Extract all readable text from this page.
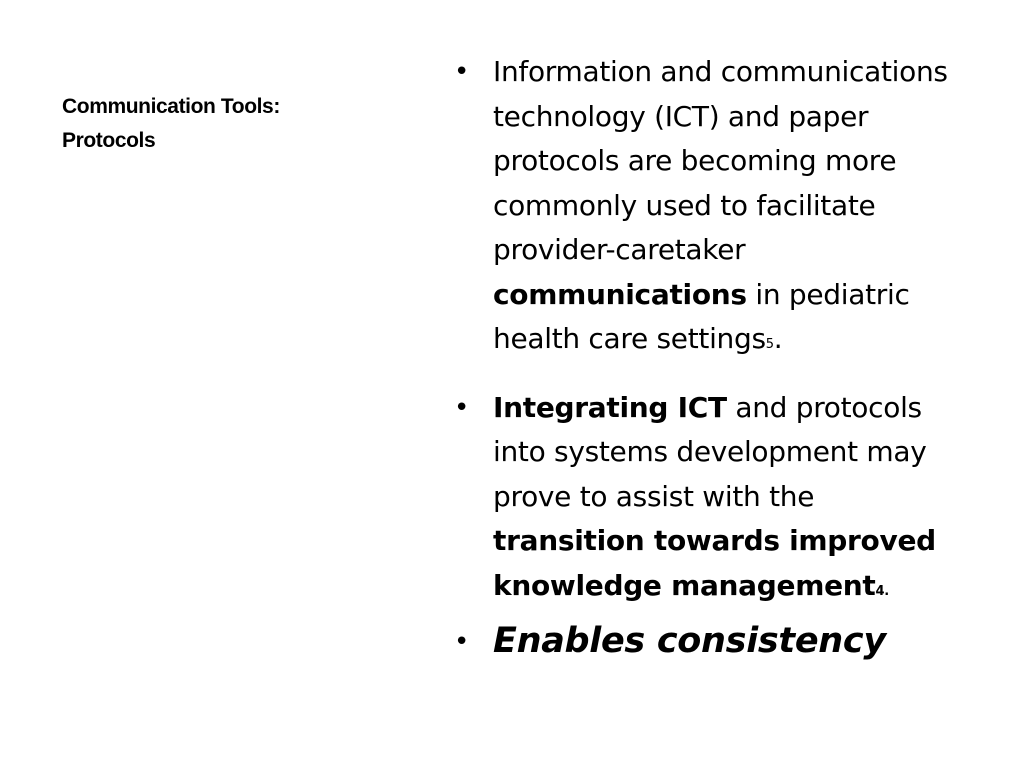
Communication Tools:
Protocols
• Information and communications technology (ICT) and paper protocols are becoming more commonly used to facilitate provider-caretaker communications in pediatric health care settings5.
• Integrating ICT and protocols into systems development may prove to assist with the transition towards improved knowledge management4.
• Enables consistency
